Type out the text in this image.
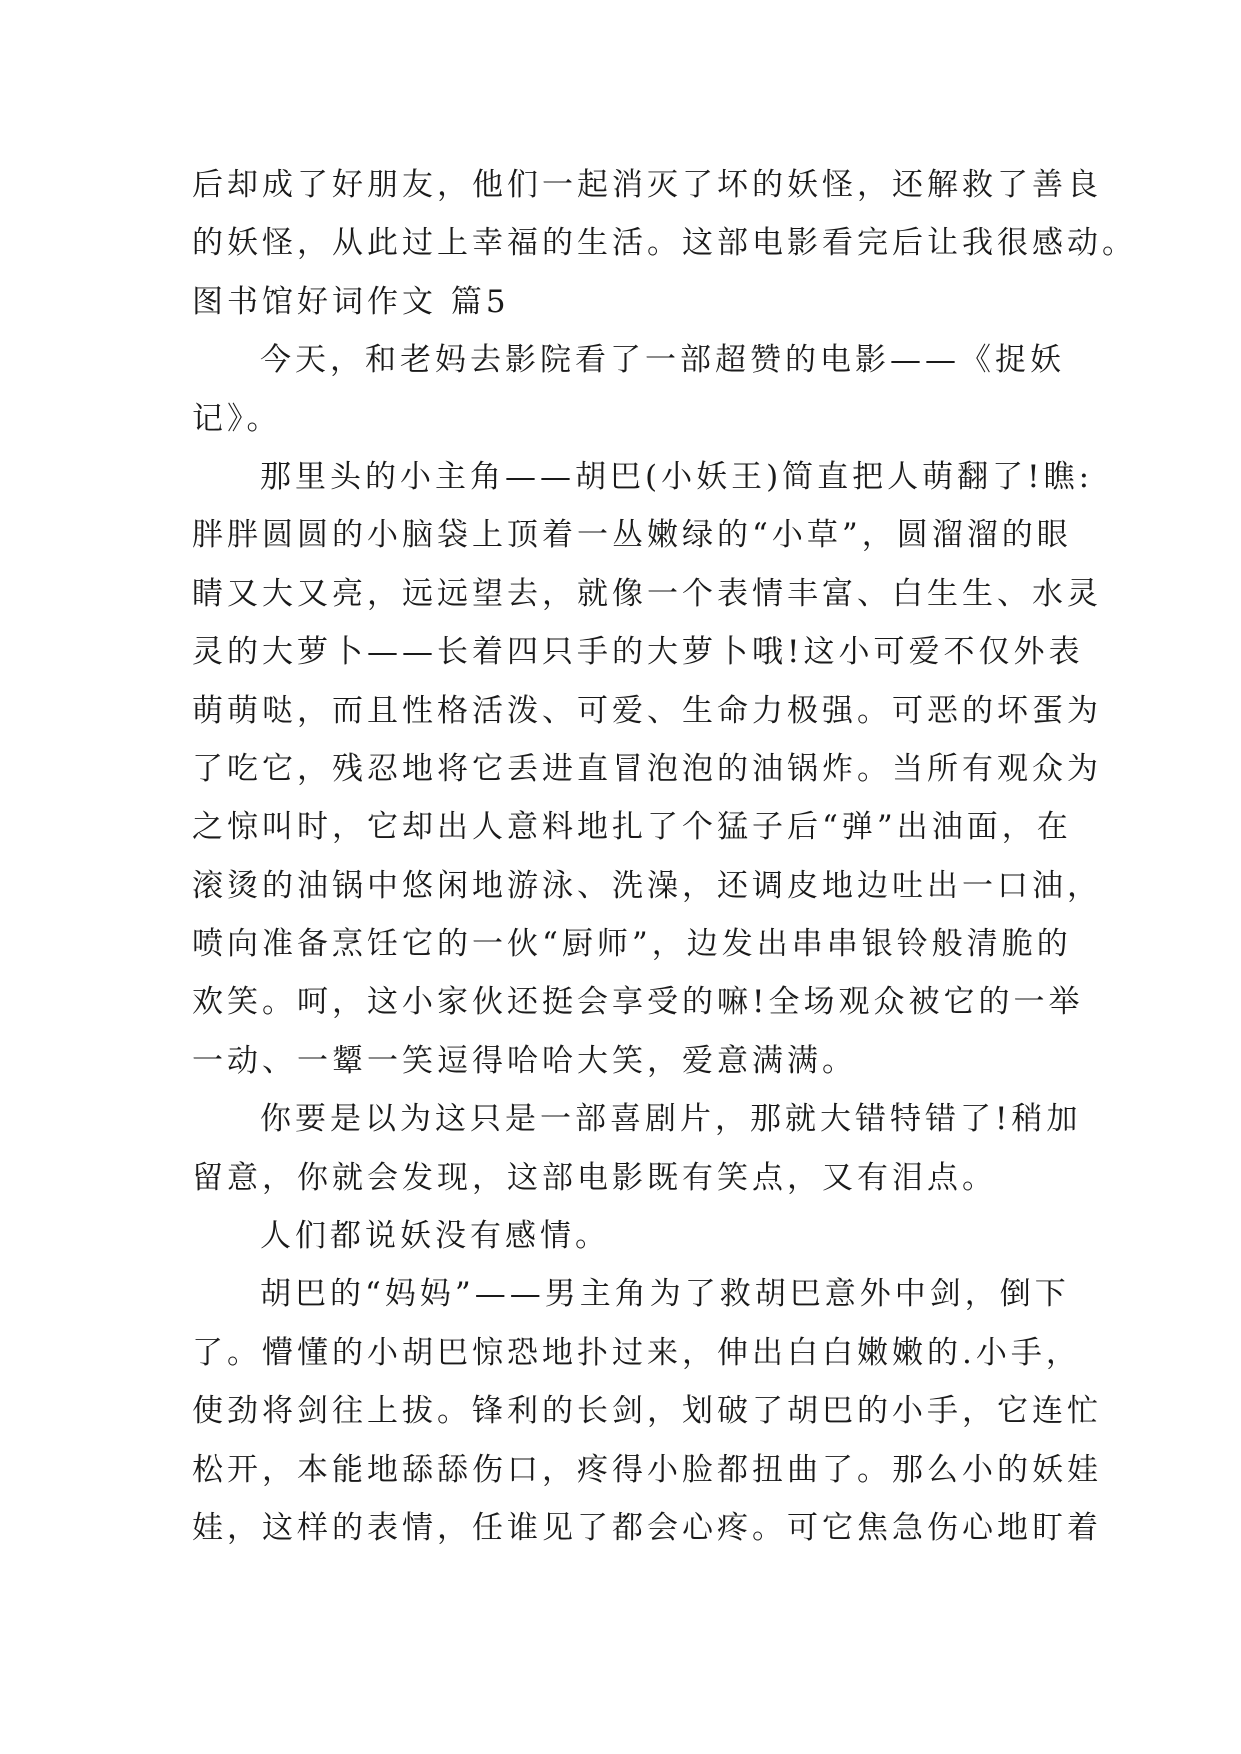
后却成了好朋友，他们一起消灭了坏的妖怪，还解救了善良
的妖怪，从此过上幸福的生活。这部电影看完后让我很感动。
图书馆好词作文 篇5
今天，和老妈去影院看了一部超赞的电影——《捉妖
记》。
那里头的小主角——胡巴(小妖王)简直把人萌翻了!瞧:
胖胖圆圆的小脑袋上顶着一丛嫩绿的“小草”，圆溜溜的眼
睛又大又亮，远远望去，就像一个表情丰富、白生生、水灵
灵的大萝卜——长着四只手的大萝卜哦!这小可爱不仅外表
萌萌哒，而且性格活泼、可爱、生命力极强。可恶的坏蛋为
了吃它，残忍地将它丢进直冒泡泡的油锅炸。当所有观众为
之惊叫时，它却出人意料地扎了个猛子后“弹”出油面，在
滚烫的油锅中悠闲地游泳、洗澡，还调皮地边吐出一口油，
喷向准备烹饪它的一伙“厨师”，边发出串串银铃般清脆的
欢笑。呵，这小家伙还挺会享受的嘛!全场观众被它的一举
一动、一颦一笑逗得哈哈大笑，爱意满满。
你要是以为这只是一部喜剧片，那就大错特错了!稍加
留意，你就会发现，这部电影既有笑点，又有泪点。
人们都说妖没有感情。
胡巴的“妈妈”——男主角为了救胡巴意外中剑，倒下
了。懵懂的小胡巴惊恐地扑过来，伸出白白嫩嫩的.小手，
使劲将剑往上拔。锋利的长剑，划破了胡巴的小手，它连忙
松开，本能地舔舔伤口，疼得小脸都扭曲了。那么小的妖娃
娃，这样的表情，任谁见了都会心疼。可它焦急伤心地盯着
